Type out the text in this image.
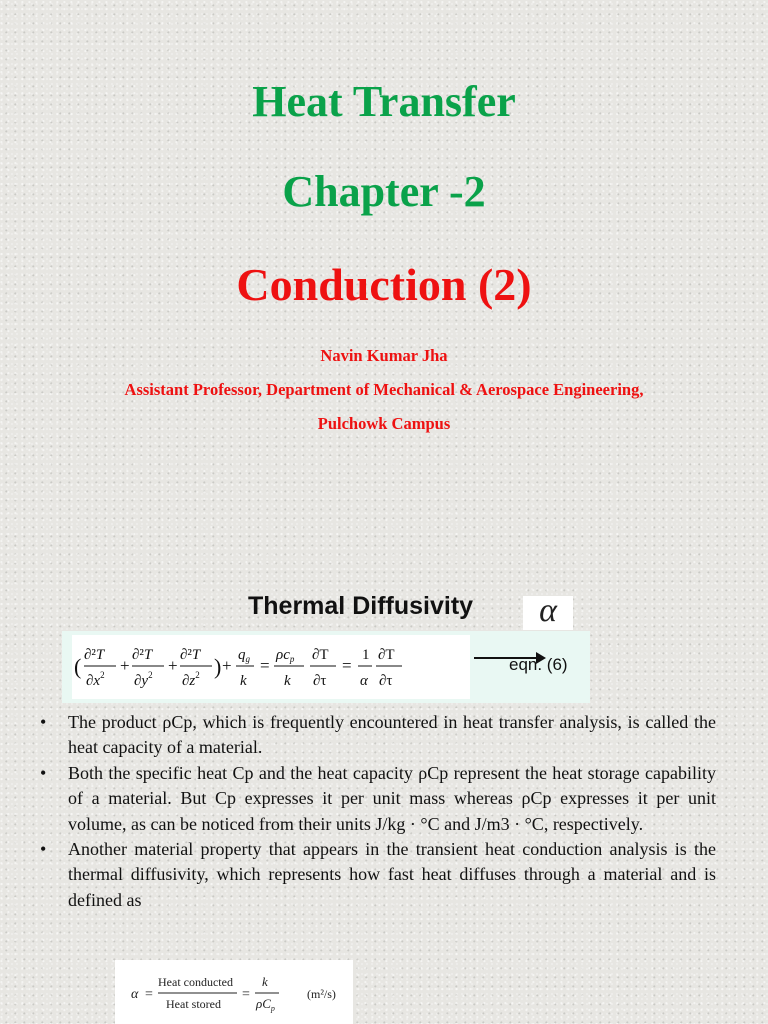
Heat Transfer
Chapter -2
Conduction (2)
Navin Kumar Jha
Assistant Professor, Department of Mechanical & Aerospace Engineering,
Pulchowk Campus
Thermal Diffusivity	α
( ∂²T
$\partial x^2$ +
∂²T
$\partial y^2$ +
∂²T
$\partial z^2$ ) +
$q_g$
k
=
$\rho c_p$
k
∂T
∂τ
=
1
α
∂T
∂τ
eqn. (6)
• The product ρCp, which is frequently encountered in heat transfer analysis, is called the heat capacity of a material.
• Both the specific heat Cp and the heat capacity ρCp represent the heat storage capability of a material. But Cp expresses it per unit mass whereas ρCp expresses it per unit volume, as can be noticed from their units J/kg · °C and J/m3 · °C, respectively.
• Another material property that appears in the transient heat conduction analysis is the thermal diffusivity, which represents how fast heat diffuses through a material and is defined as
α =
Heat conducted
Heat stored
=
k
$\rho C_p$
(m²/s)
